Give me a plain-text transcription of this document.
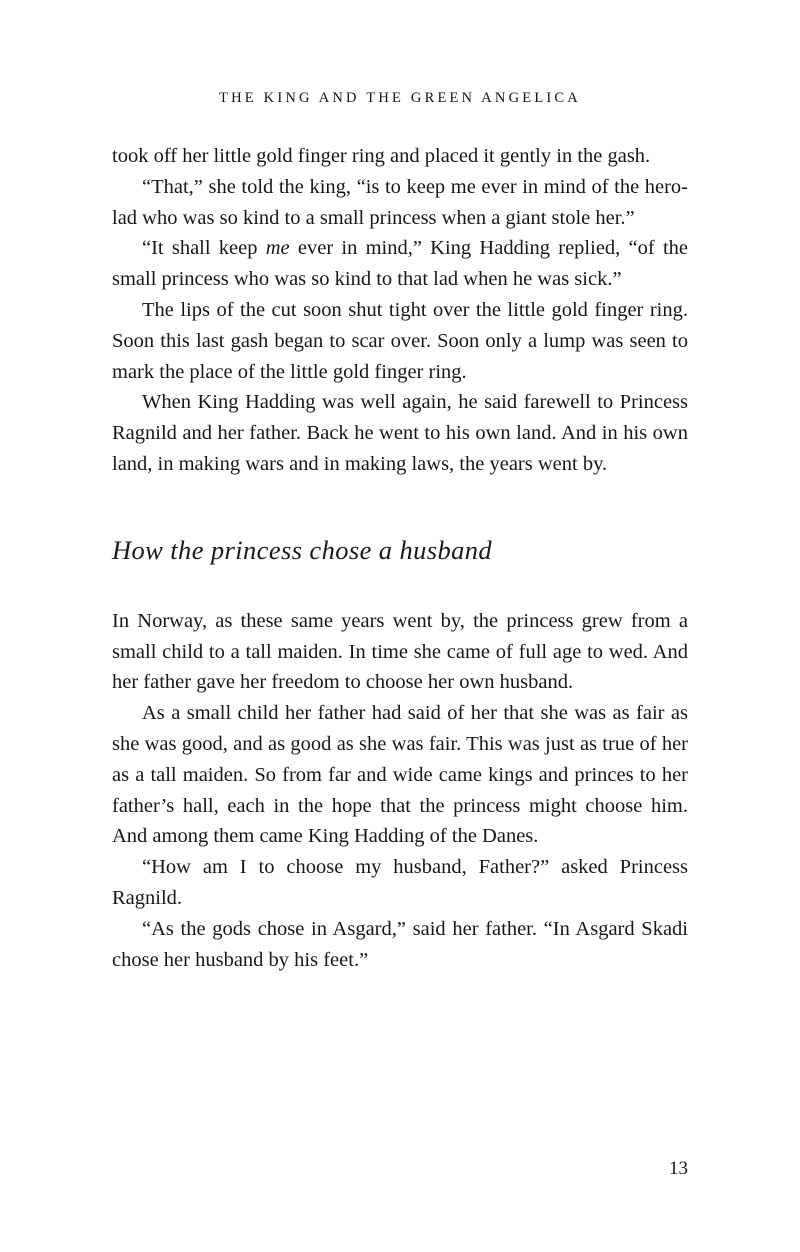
THE KING AND THE GREEN ANGELICA

took off her little gold finger ring and placed it gently in the gash.

“That,” she told the king, “is to keep me ever in mind of the hero-lad who was so kind to a small princess when a giant stole her.”

“It shall keep me ever in mind,” King Hadding replied, “of the small princess who was so kind to that lad when he was sick.”

The lips of the cut soon shut tight over the little gold finger ring. Soon this last gash began to scar over. Soon only a lump was seen to mark the place of the little gold finger ring.

When King Hadding was well again, he said farewell to Princess Ragnild and her father. Back he went to his own land. And in his own land, in making wars and in making laws, the years went by.

How the princess chose a husband

In Norway, as these same years went by, the princess grew from a small child to a tall maiden. In time she came of full age to wed. And her father gave her freedom to choose her own husband.

As a small child her father had said of her that she was as fair as she was good, and as good as she was fair. This was just as true of her as a tall maiden. So from far and wide came kings and princes to her father’s hall, each in the hope that the princess might choose him. And among them came King Hadding of the Danes.

“How am I to choose my husband, Father?” asked Princess Ragnild.

“As the gods chose in Asgard,” said her father. “In Asgard Skadi chose her husband by his feet.”

13
